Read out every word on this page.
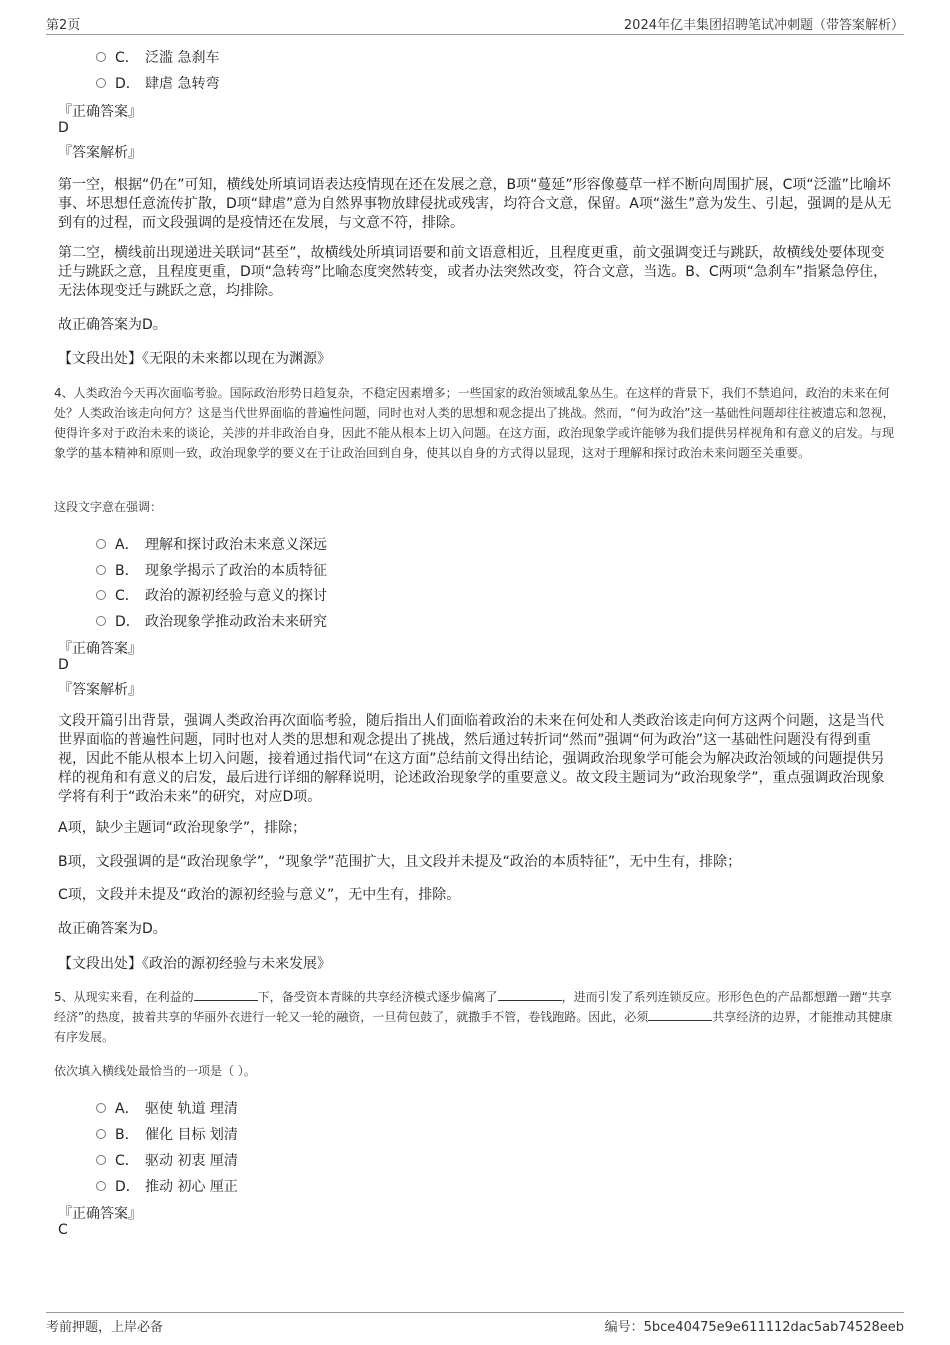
第2页	2024年亿丰集团招聘笔试冲刺题（带答案解析）
C． 泛滥 急刹车
D． 肆虐 急转弯
『正确答案』
D
『答案解析』
第一空，根据“仍在”可知，横线处所填词语表达疫情现在还在发展之意，B项“蔓延”形容像蔓草一样不断向周围扩展，C项“泛滥”比喻坏事、坏思想任意流传扩散，D项“肆虐”意为自然界事物放肆侵扰或残害，均符合文意，保留。A项“滋生”意为发生、引起，强调的是从无到有的过程，而文段强调的是疫情还在发展，与文意不符，排除。
第二空，横线前出现递进关联词“甚至”，故横线处所填词语要和前文语意相近，且程度更重，前文强调变迁与跳跃，故横线处要体现变迁与跳跃之意，且程度更重，D项“急转弯”比喻态度突然转变，或者办法突然改变，符合文意，当选。B、C两项“急刹车”指紧急停住，无法体现变迁与跳跃之意，均排除。
故正确答案为D。
【文段出处】《无限的未来都以现在为渊源》
4、人类政治今天再次面临考验。国际政治形势日趋复杂，不稳定因素增多；一些国家的政治领域乱象丛生。在这样的背景下，我们不禁追问，政治的未来在何处？人类政治该走向何方？这是当代世界面临的普遍性问题，同时也对人类的思想和观念提出了挑战。然而，“何为政治”这一基础性问题却往往被遗忘和忽视，使得许多对于政治未来的谈论，关涉的并非政治自身，因此不能从根本上切入问题。在这方面，政治现象学或许能够为我们提供另样视角和有意义的启发。与现象学的基本精神和原则一致，政治现象学的要义在于让政治回到自身，使其以自身的方式得以显现，这对于理解和探讨政治未来问题至关重要。
这段文字意在强调：
A． 理解和探讨政治未来意义深远
B． 现象学揭示了政治的本质特征
C． 政治的源初经验与意义的探讨
D． 政治现象学推动政治未来研究
『正确答案』
D
『答案解析』
文段开篇引出背景，强调人类政治再次面临考验，随后指出人们面临着政治的未来在何处和人类政治该走向何方这两个问题，这是当代世界面临的普遍性问题，同时也对人类的思想和观念提出了挑战，然后通过转折词“然而”强调“何为政治”这一基础性问题没有得到重视，因此不能从根本上切入问题，接着通过指代词“在这方面”总结前文得出结论，强调政治现象学可能会为解决政治领域的问题提供另样的视角和有意义的启发，最后进行详细的解释说明，论述政治现象学的重要意义。故文段主题词为“政治现象学”，重点强调政治现象学将有利于“政治未来”的研究，对应D项。
A项，缺少主题词“政治现象学”，排除；
B项，文段强调的是“政治现象学”，“现象学”范围扩大，且文段并未提及“政治的本质特征”，无中生有，排除；
C项，文段并未提及“政治的源初经验与意义”，无中生有，排除。
故正确答案为D。
【文段出处】《政治的源初经验与未来发展》
5、从现实来看，在利益的	下，备受资本青睐的共享经济模式逐步偏离了	，进而引发了系列连锁反应。形形色色的产品都想蹭一蹭“共享经济”的热度，披着共享的华丽外衣进行一轮又一轮的融资，一旦荷包鼓了，就撒手不管，卷钱跑路。因此，必须	共享经济的边界，才能推动其健康有序发展。
依次填入横线处最恰当的一项是（ ）。
A． 驱使 轨道 理清
B． 催化 目标 划清
C． 驱动 初衷 厘清
D． 推动 初心 厘正
『正确答案』
C
考前押题，上岸必备	编号：5bce40475e9e611112dac5ab74528eeb
